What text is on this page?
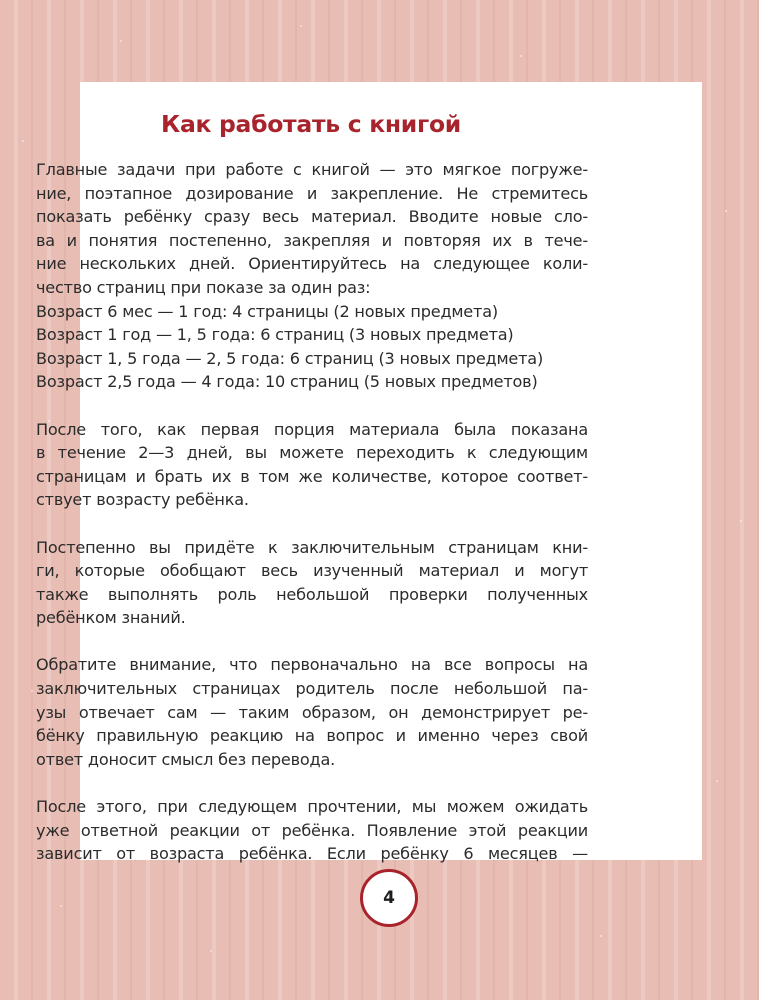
Как работать с книгой

Главные задачи при работе с книгой — это мягкое погруже-
ние, поэтапное дозирование и закрепление. Не стремитесь
показать ребёнку сразу весь материал. Вводите новые сло-
ва и понятия постепенно, закрепляя и повторяя их в тече-
ние нескольких дней. Ориентируйтесь на следующее коли-
чество страниц при показе за один раз:

Возраст 6 мес — 1 год: 4 страницы (2 новых предмета)
Возраст 1 год — 1, 5 года: 6 страниц (3 новых предмета)
Возраст 1, 5 года — 2, 5 года: 6 страниц (3 новых предмета)
Возраст 2,5 года — 4 года: 10 страниц (5 новых предметов)

После того, как первая порция материала была показана
в течение 2—3 дней, вы можете переходить к следующим
страницам и брать их в том же количестве, которое соответ-
ствует возрасту ребёнка.

Постепенно вы придёте к заключительным страницам кни-
ги, которые обобщают весь изученный материал и могут
также выполнять роль небольшой проверки полученных
ребёнком знаний.

Обратите внимание, что первоначально на все вопросы на
заключительных страницах родитель после небольшой па-
узы отвечает сам — таким образом, он демонстрирует ре-
бёнку правильную реакцию на вопрос и именно через свой
ответ доносит смысл без перевода.

После этого, при следующем прочтении, мы можем ожидать
уже ответной реакции от ребёнка. Появление этой реакции
зависит от возраста ребёнка. Если ребёнку 6 месяцев —

4
